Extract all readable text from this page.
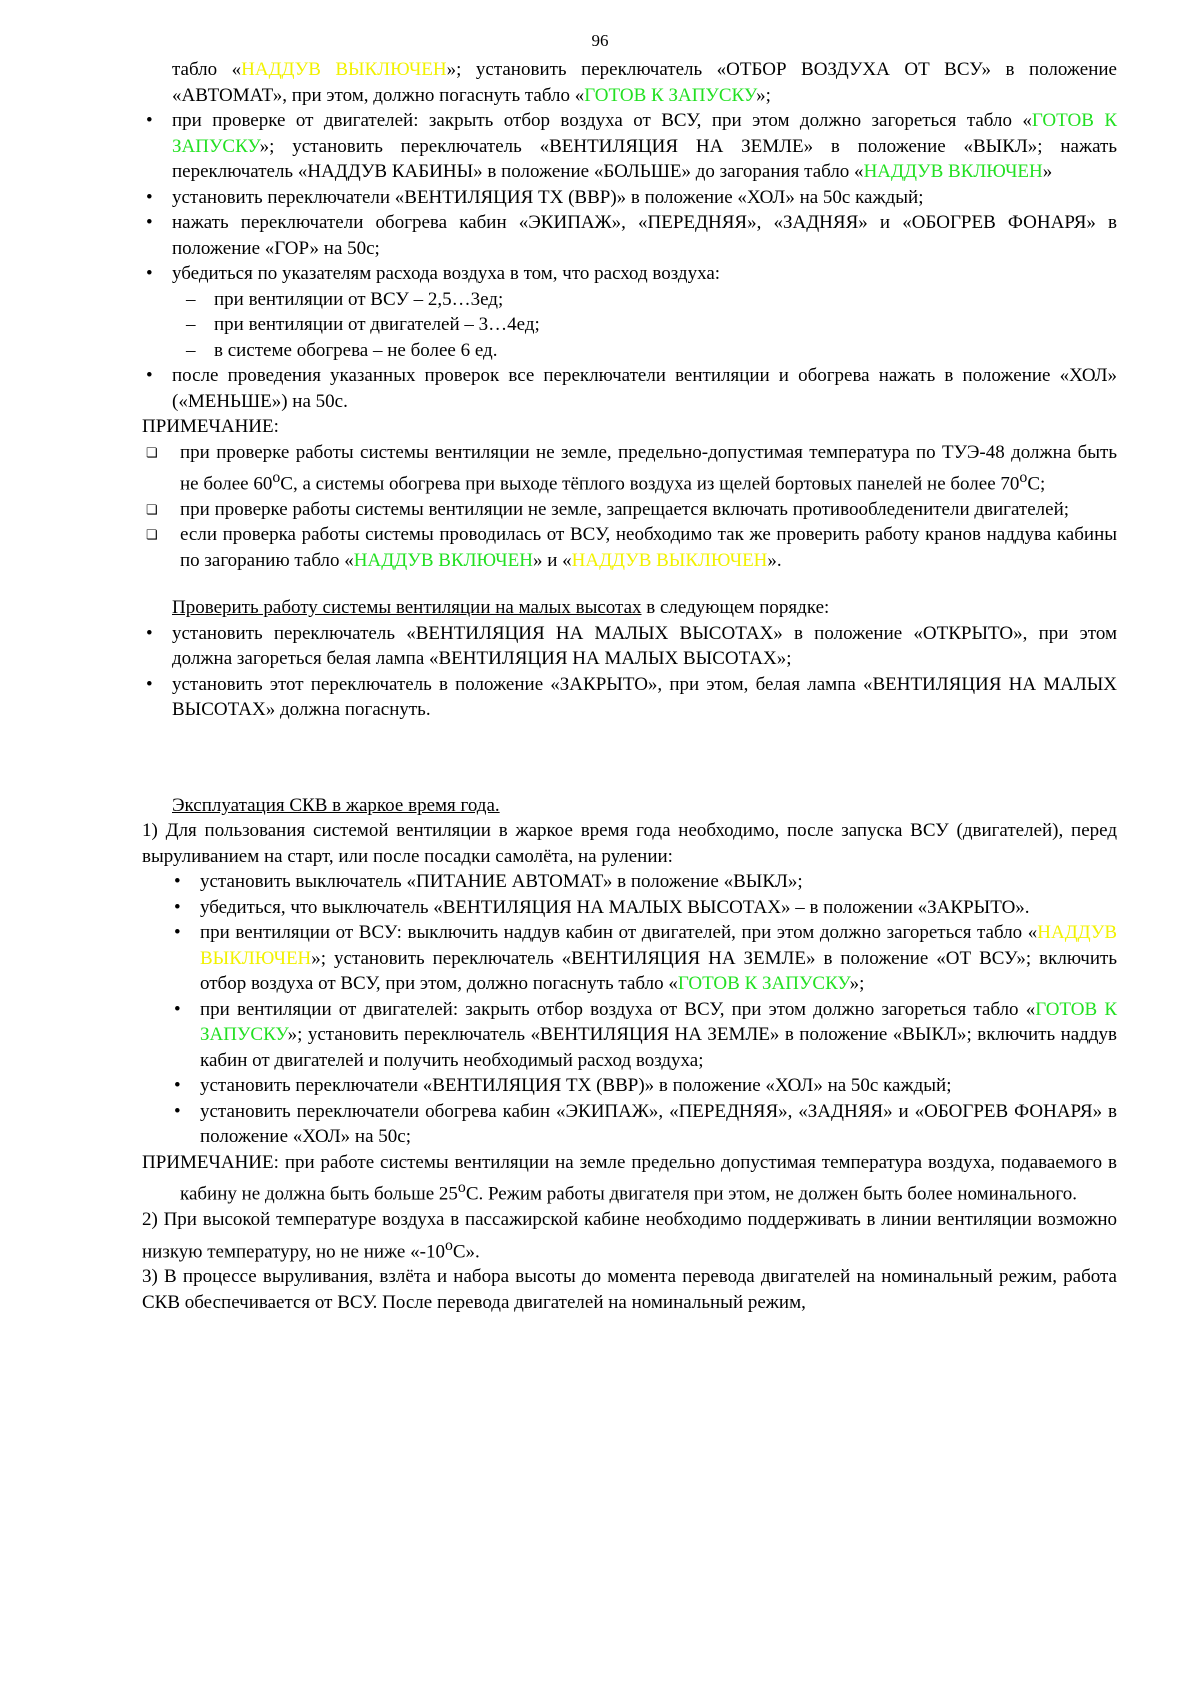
96

табло «НАДДУВ ВЫКЛЮЧЕН»; установить переключатель «ОТБОР ВОЗДУХА ОТ ВСУ» в положение «АВТОМАТ», при этом, должно погаснуть табло «ГОТОВ К ЗАПУСКУ»;

• при проверке от двигателей: закрыть отбор воздуха от ВСУ, при этом должно загореться табло «ГОТОВ К ЗАПУСКУ»; установить переключатель «ВЕНТИЛЯЦИЯ НА ЗЕМЛЕ» в положение «ВЫКЛ»; нажать переключатель «НАДДУВ КАБИНЫ» в положение «БОЛЬШЕ» до загорания табло «НАДДУВ ВКЛЮЧЕН»

• установить переключатели «ВЕНТИЛЯЦИЯ ТХ (ВВР)» в положение «ХОЛ» на 50с каждый;

• нажать переключатели обогрева кабин «ЭКИПАЖ», «ПЕРЕДНЯЯ», «ЗАДНЯЯ» и «ОБОГРЕВ ФОНАРЯ» в положение «ГОР» на 50с;

• убедиться по указателям расхода воздуха в том, что расход воздуха:

– при вентиляции от ВСУ – 2,5…3ед;

– при вентиляции от двигателей – 3…4ед;

– в системе обогрева – не более 6 ед.

• после проведения указанных проверок все переключатели вентиляции и обогрева нажать в положение «ХОЛ» («МЕНЬШЕ») на 50с.

ПРИМЕЧАНИЕ:

❏ при проверке работы системы вентиляции не земле, предельно-допустимая температура по ТУЭ-48 должна быть не более $60^оС$, а системы обогрева при выходе тёплого воздуха из щелей бортовых панелей не более $70^оС$;

❏ при проверке работы системы вентиляции не земле, запрещается включать противообледенители двигателей;

❏ если проверка работы системы проводилась от ВСУ, необходимо так же проверить работу кранов наддува кабины по загоранию табло «НАДДУВ ВКЛЮЧЕН» и «НАДДУВ ВЫКЛЮЧЕН».

Проверить работу системы вентиляции на малых высотах в следующем порядке:

• установить переключатель «ВЕНТИЛЯЦИЯ НА МАЛЫХ ВЫСОТАХ» в положение «ОТКРЫТО», при этом должна загореться белая лампа «ВЕНТИЛЯЦИЯ НА МАЛЫХ ВЫСОТАХ»;

• установить этот переключатель в положение «ЗАКРЫТО», при этом, белая лампа «ВЕНТИЛЯЦИЯ НА МАЛЫХ ВЫСОТАХ» должна погаснуть.

Эксплуатация СКВ в жаркое время года.

1) Для пользования системой вентиляции в жаркое время года необходимо, после запуска ВСУ (двигателей), перед выруливанием на старт, или после посадки самолёта, на рулении:

• установить выключатель «ПИТАНИЕ АВТОМАТ» в положение «ВЫКЛ»;

• убедиться, что выключатель «ВЕНТИЛЯЦИЯ НА МАЛЫХ ВЫСОТАХ» – в положении «ЗАКРЫТО».

• при вентиляции от ВСУ: выключить наддув кабин от двигателей, при этом должно загореться табло «НАДДУВ ВЫКЛЮЧЕН»; установить переключатель «ВЕНТИЛЯЦИЯ НА ЗЕМЛЕ» в положение «ОТ ВСУ»; включить отбор воздуха от ВСУ, при этом, должно погаснуть табло «ГОТОВ К ЗАПУСКУ»;

• при вентиляции от двигателей: закрыть отбор воздуха от ВСУ, при этом должно загореться табло «ГОТОВ К ЗАПУСКУ»; установить переключатель «ВЕНТИЛЯЦИЯ НА ЗЕМЛЕ» в положение «ВЫКЛ»; включить наддув кабин от двигателей и получить необходимый расход воздуха;

• установить переключатели «ВЕНТИЛЯЦИЯ ТХ (ВВР)» в положение «ХОЛ» на 50с каждый;

• установить переключатели обогрева кабин «ЭКИПАЖ», «ПЕРЕДНЯЯ», «ЗАДНЯЯ» и «ОБОГРЕВ ФОНАРЯ» в положение «ХОЛ» на 50с;

ПРИМЕЧАНИЕ: при работе системы вентиляции на земле предельно допустимая температура воздуха, подаваемого в кабину не должна быть больше $25^оС$. Режим работы двигателя при этом, не должен быть более номинального.

2) При высокой температуре воздуха в пассажирской кабине необходимо поддерживать в линии вентиляции возможно низкую температуру, но не ниже «$-10^оС$».

3) В процессе выруливания, взлёта и набора высоты до момента перевода двигателей на номинальный режим, работа СКВ обеспечивается от ВСУ. После перевода двигателей на номинальный режим,
